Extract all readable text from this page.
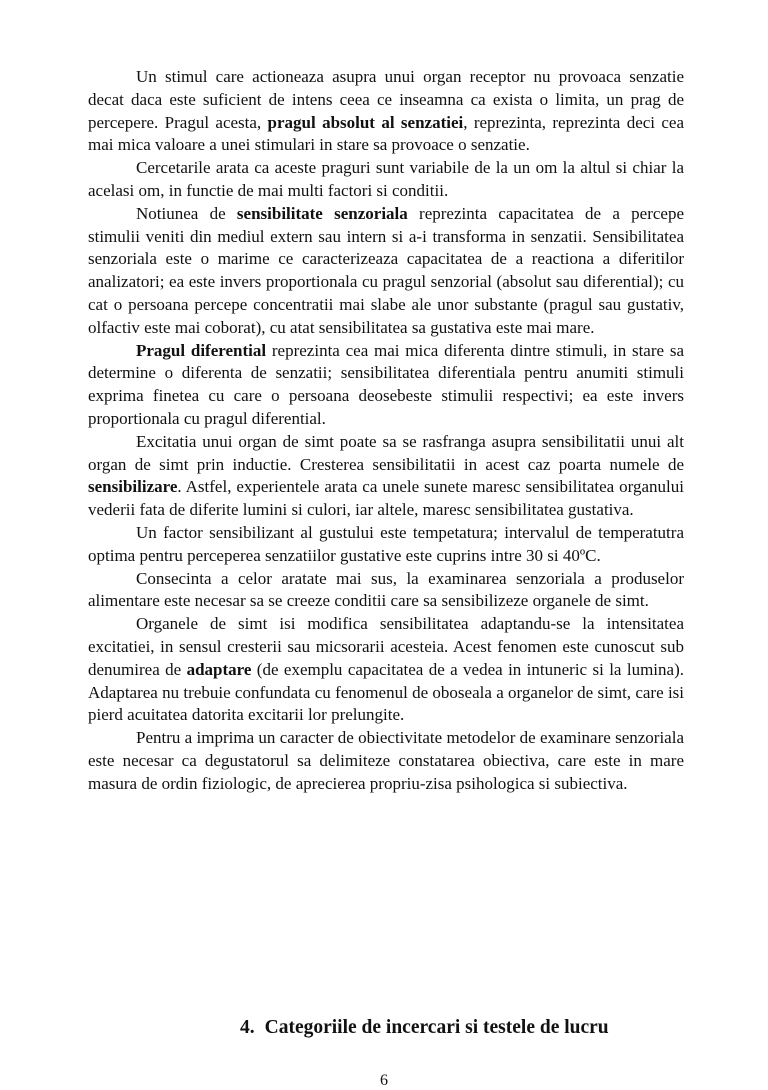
Un stimul care actioneaza asupra unui organ receptor nu provoaca senzatie decat daca este suficient de intens ceea ce inseamna ca exista o limita, un prag de percepere. Pragul acesta, pragul absolut al senzatiei, reprezinta, reprezinta deci cea mai mica valoare a unei stimulari in stare sa provoace o senzatie.

Cercetarile arata ca aceste praguri sunt variabile de la un om la altul si chiar la acelasi om, in functie de mai multi factori si conditii.

Notiunea de sensibilitate senzoriala reprezinta capacitatea de a percepe stimulii veniti din mediul extern sau intern si a-i transforma in senzatii. Sensibilitatea senzoriala este o marime ce caracterizeaza capacitatea de a reactiona a diferitilor analizatori; ea este invers proportionala cu pragul senzorial (absolut sau diferential); cu cat o persoana percepe concentratii mai slabe ale unor substante (pragul sau gustativ, olfactiv este mai coborat), cu atat sensibilitatea sa gustativa este mai mare.

Pragul diferential reprezinta cea mai mica diferenta dintre stimuli, in stare sa determine o diferenta de senzatii; sensibilitatea diferentiala pentru anumiti stimuli exprima finetea cu care o persoana deosebeste stimulii respectivi; ea este invers proportionala cu pragul diferential.

Excitatia unui organ de simt poate sa se rasfranga asupra sensibilitatii unui alt organ de simt prin inductie. Cresterea sensibilitatii in acest caz poarta numele de sensibilizare. Astfel, experientele arata ca unele sunete maresc sensibilitatea organului vederii fata de diferite lumini si culori, iar altele, maresc sensibilitatea gustativa.

Un factor sensibilizant al gustului este tempetatura; intervalul de temperatutra optima pentru perceperea senzatiilor gustative este cuprins intre 30 si 40ºC.

Consecinta a celor aratate mai sus, la examinarea senzoriala a produselor alimentare este necesar sa se creeze conditii care sa sensibilizeze organele de simt.

Organele de simt isi modifica sensibilitatea adaptandu-se la intensitatea excitatiei, in sensul cresterii sau micsorarii acesteia. Acest fenomen este cunoscut sub denumirea de adaptare (de exemplu capacitatea de a vedea in intuneric si la lumina). Adaptarea nu trebuie confundata cu fenomenul de oboseala a organelor de simt, care isi pierd acuitatea datorita excitarii lor prelungite.

Pentru a imprima un caracter de obiectivitate metodelor de examinare senzoriala este necesar ca degustatorul sa delimiteze constatarea obiectiva, care este in mare masura de ordin fiziologic, de aprecierea propriu-zisa psihologica si subiectiva.

4. Categoriile de incercari si testele de lucru
6
